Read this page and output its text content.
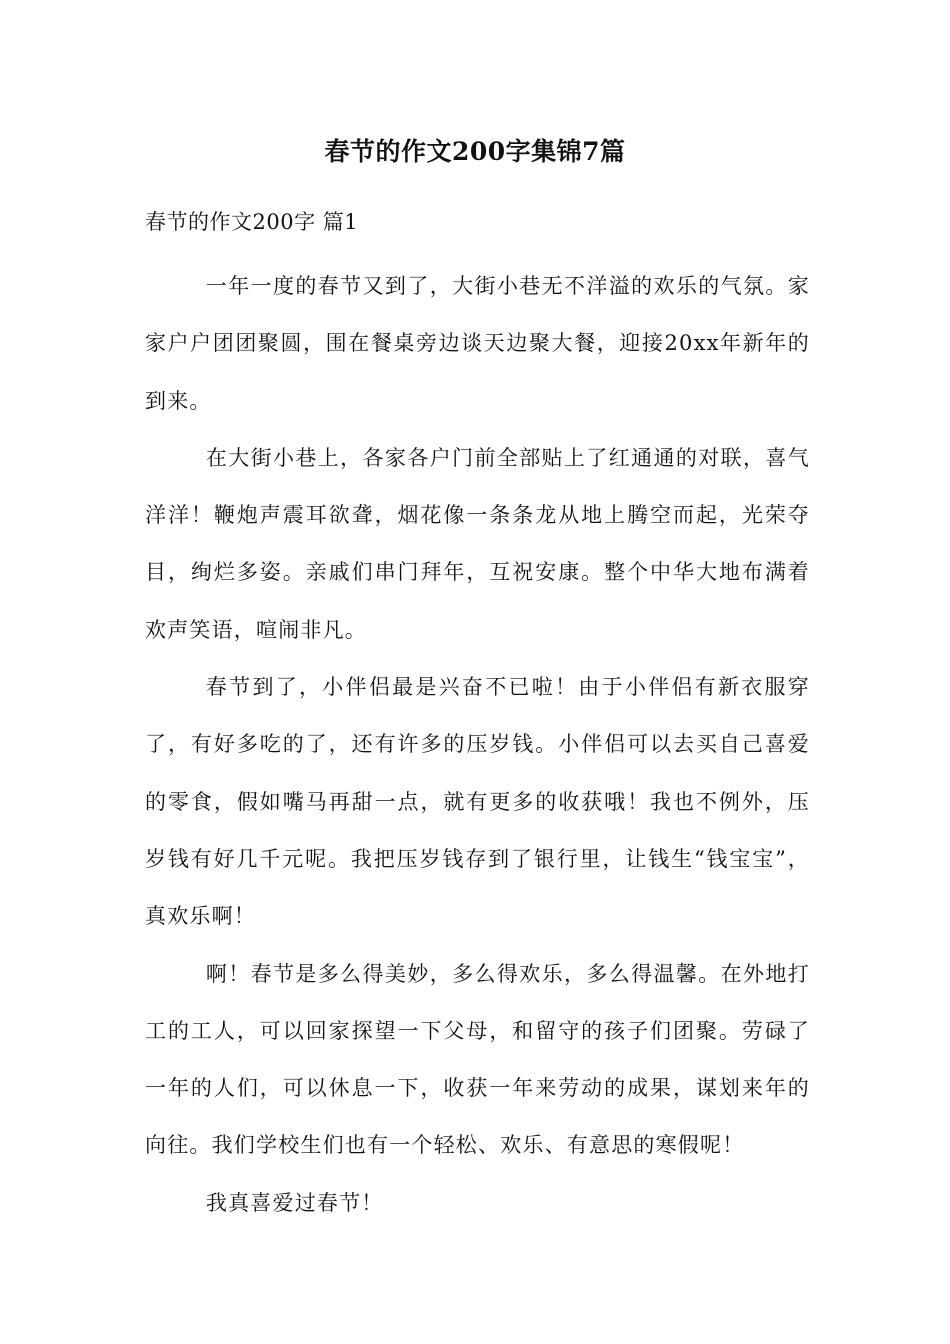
春节的作文200字集锦7篇
春节的作文200字 篇1

一年一度的春节又到了，大街小巷无不洋溢的欢乐的气氛。家家户户团团聚圆，围在餐桌旁边谈天边聚大餐，迎接20xx年新年的到来。

在大街小巷上，各家各户门前全部贴上了红通通的对联，喜气洋洋！鞭炮声震耳欲聋，烟花像一条条龙从地上腾空而起，光荣夺目，绚烂多姿。亲戚们串门拜年，互祝安康。整个中华大地布满着欢声笑语，喧闹非凡。

春节到了，小伴侣最是兴奋不已啦！由于小伴侣有新衣服穿了，有好多吃的了，还有许多的压岁钱。小伴侣可以去买自己喜爱的零食，假如嘴马再甜一点，就有更多的收获哦！我也不例外，压岁钱有好几千元呢。我把压岁钱存到了银行里，让钱生“钱宝宝”，真欢乐啊！

啊！春节是多么得美妙，多么得欢乐，多么得温馨。在外地打工的工人，可以回家探望一下父母，和留守的孩子们团聚。劳碌了一年的人们，可以休息一下，收获一年来劳动的成果，谋划来年的向往。我们学校生们也有一个轻松、欢乐、有意思的寒假呢！

我真喜爱过春节！
